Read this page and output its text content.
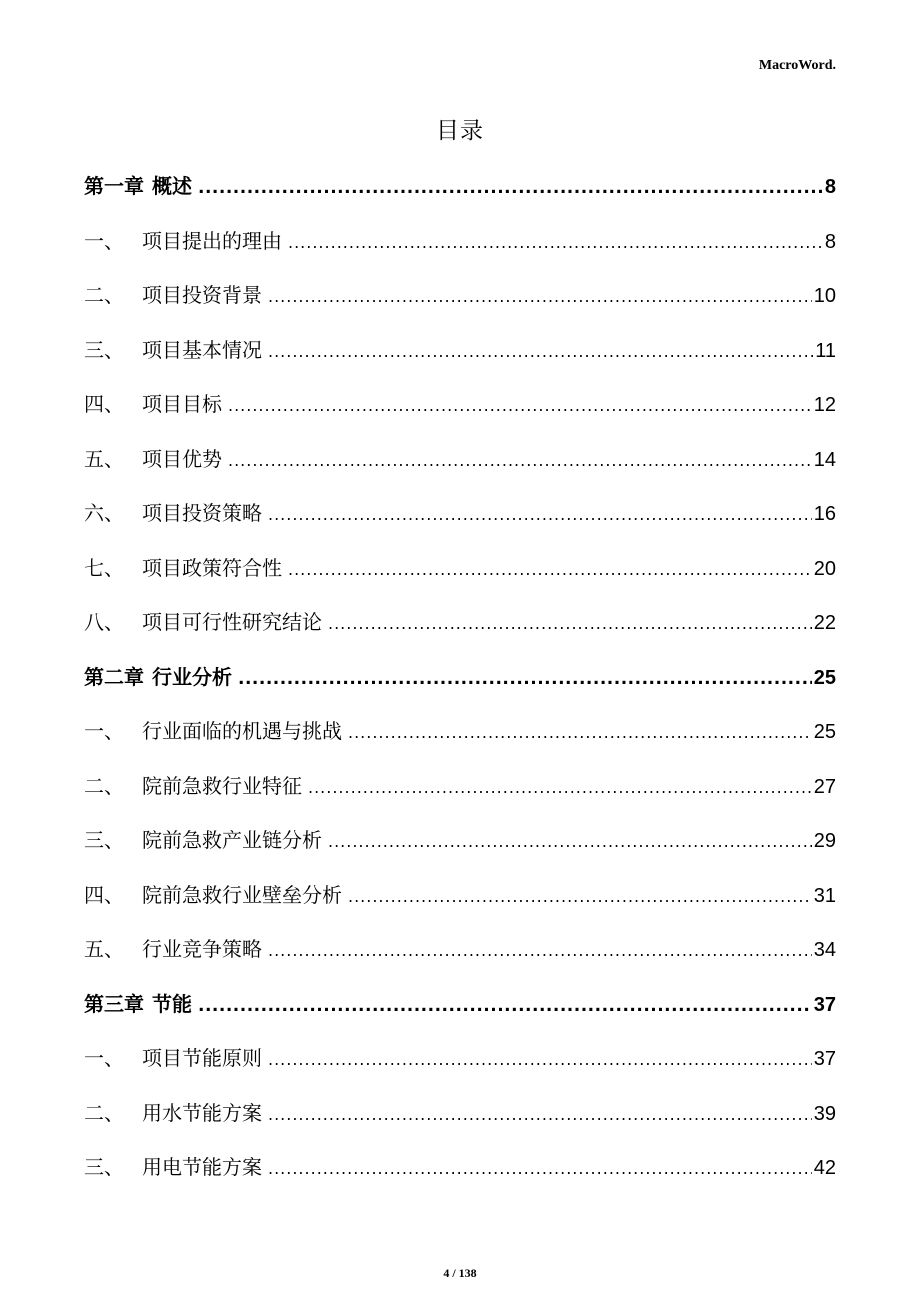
MacroWord.
目录
第一章 概述 .....	8
一、 项目提出的理由 .....	8
二、 项目投资背景 .....	10
三、 项目基本情况 .....	11
四、 项目目标 .....	12
五、 项目优势 .....	14
六、 项目投资策略 .....	16
七、 项目政策符合性 .....	20
八、 项目可行性研究结论 .....	22
第二章 行业分析 .....	25
一、 行业面临的机遇与挑战 .....	25
二、 院前急救行业特征 .....	27
三、 院前急救产业链分析 .....	29
四、 院前急救行业壁垒分析 .....	31
五、 行业竞争策略 .....	34
第三章 节能 .....	37
一、 项目节能原则 .....	37
二、 用水节能方案 .....	39
三、 用电节能方案 .....	42
4 / 138
